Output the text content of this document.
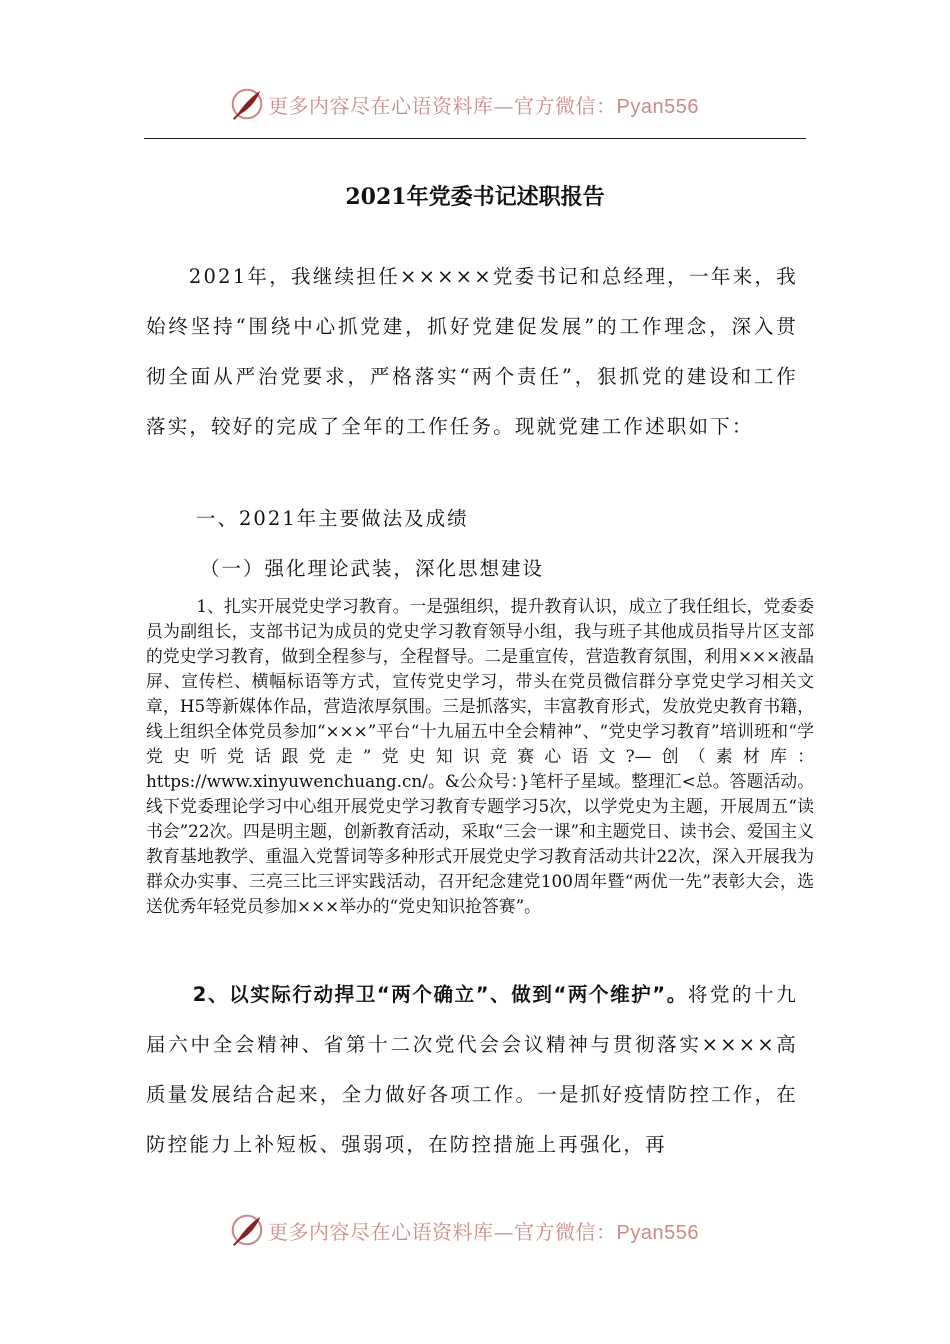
更多内容尽在心语资料库—官方微信：Pyan556
2021年党委书记述职报告

2021年，我继续担任×××××党委书记和总经理，一年来，我始终坚持“围绕中心抓党建，抓好党建促发展”的工作理念，深入贯彻全面从严治党要求，严格落实“两个责任”，狠抓党的建设和工作落实，较好的完成了全年的工作任务。现就党建工作述职如下：

一、2021年主要做法及成绩
（一）强化理论武装，深化思想建设

1、扎实开展党史学习教育。一是强组织，提升教育认识，成立了我任组长，党委委员为副组长，支部书记为成员的党史学习教育领导小组，我与班子其他成员指导片区支部的党史学习教育，做到全程参与，全程督导。二是重宣传，营造教育氛围，利用×××液晶屏、宣传栏、横幅标语等方式，宣传党史学习，带头在党员微信群分享党史学习相关文章，H5等新媒体作品，营造浓厚氛围。三是抓落实，丰富教育形式，发放党史教育书籍，线上组织全体党员参加“×××”平台“十九届五中全会精神”、“党史学习教育”培训班和“学党史听党话跟党走”党史知识竞赛心语文?—创（素材库：https://www.xinyuwenchuang.cn/。&公众号：}笔杆子星域。整理汇<总。答题活动。线下党委理论学习中心组开展党史学习教育专题学习5次，以学党史为主题，开展周五“读书会”22次。四是明主题，创新教育活动，采取“三会一课”和主题党日、读书会、爱国主义教育基地教学、重温入党誓词等多种形式开展党史学习教育活动共计22次，深入开展我为群众办实事、三亮三比三评实践活动，召开纪念建党100周年暨“两优一先”表彰大会，选送优秀年轻党员参加×××举办的“党史知识抢答赛”。

2、以实际行动捍卫“两个确立”、做到“两个维护”。将党的十九届六中全会精神、省第十二次党代会会议精神与贯彻落实××××高质量发展结合起来，全力做好各项工作。一是抓好疫情防控工作，在防控能力上补短板、强弱项，在防控措施上再强化，再

更多内容尽在心语资料库—官方微信：Pyan556
